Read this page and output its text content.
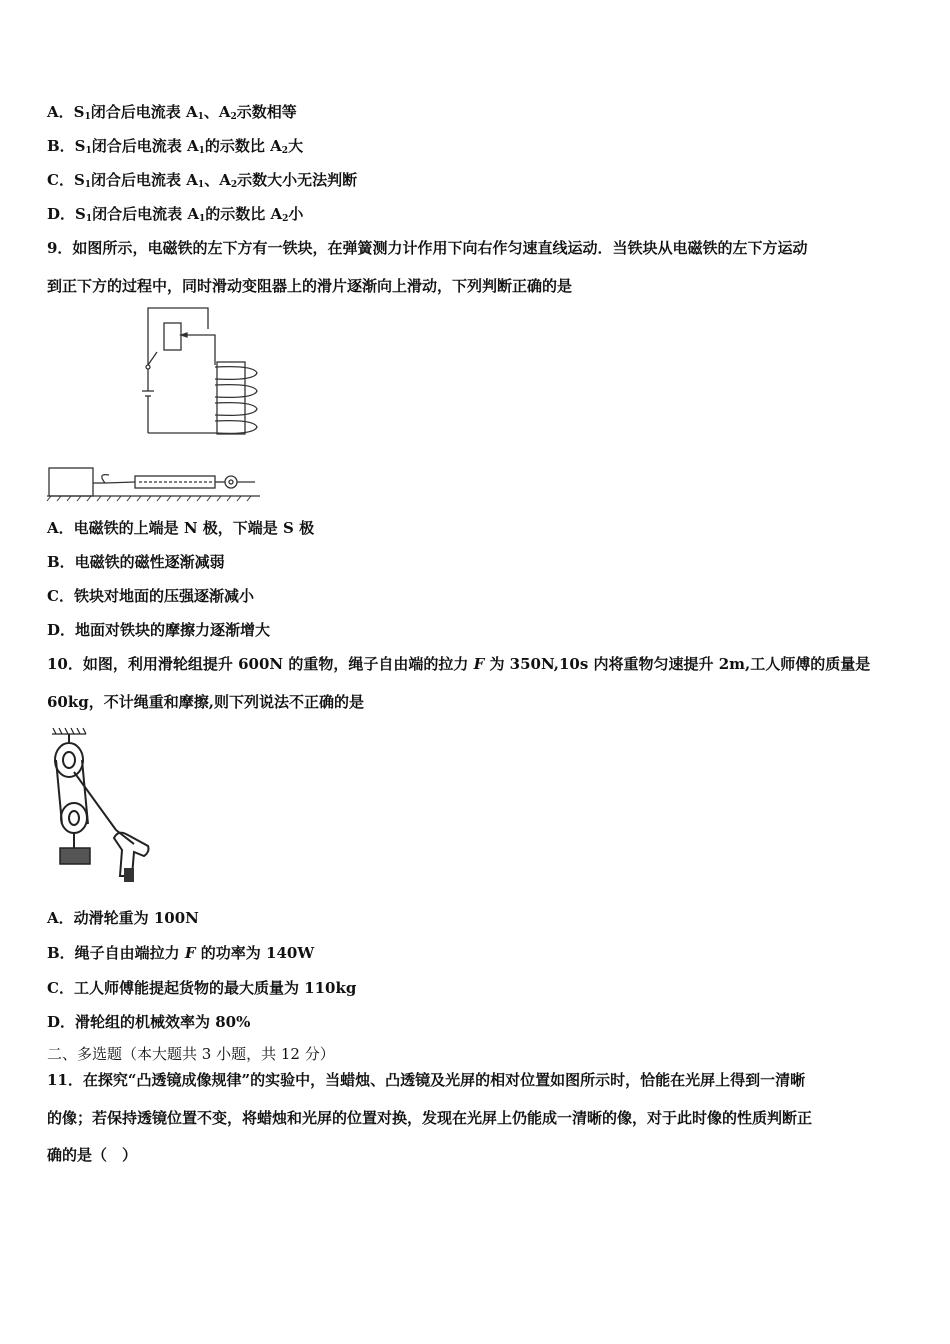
A．$S_1$闭合后电流表 $A_1$、$A_2$示数相等
B．$S_1$闭合后电流表 $A_1$的示数比 $A_2$大
C．$S_1$闭合后电流表 $A_1$、$A_2$示数大小无法判断
D．$S_1$闭合后电流表 $A_1$的示数比 $A_2$小
9．如图所示，电磁铁的左下方有一铁块，在弹簧测力计作用下向右作匀速直线运动．当铁块从电磁铁的左下方运动
到正下方的过程中，同时滑动变阻器上的滑片逐渐向上滑动，下列判断正确的是
A．电磁铁的上端是 N 极，下端是 S 极
B．电磁铁的磁性逐渐减弱
C．铁块对地面的压强逐渐减小
D．地面对铁块的摩擦力逐渐增大
10．如图，利用滑轮组提升 600N 的重物，绳子自由端的拉力 F 为 350N,10s 内将重物匀速提升 2m,工人师傅的质量是
60kg，不计绳重和摩擦,则下列说法不正确的是
A．动滑轮重为 100N
B．绳子自由端拉力 F 的功率为 140W
C．工人师傅能提起货物的最大质量为 110kg
D．滑轮组的机械效率为 80%
二、多选题（本大题共 3 小题，共 12 分）
11．在探究“凸透镜成像规律”的实验中，当蜡烛、凸透镜及光屏的相对位置如图所示时，恰能在光屏上得到一清晰
的像；若保持透镜位置不变，将蜡烛和光屏的位置对换，发现在光屏上仍能成一清晰的像，对于此时像的性质判断正
确的是（　）
